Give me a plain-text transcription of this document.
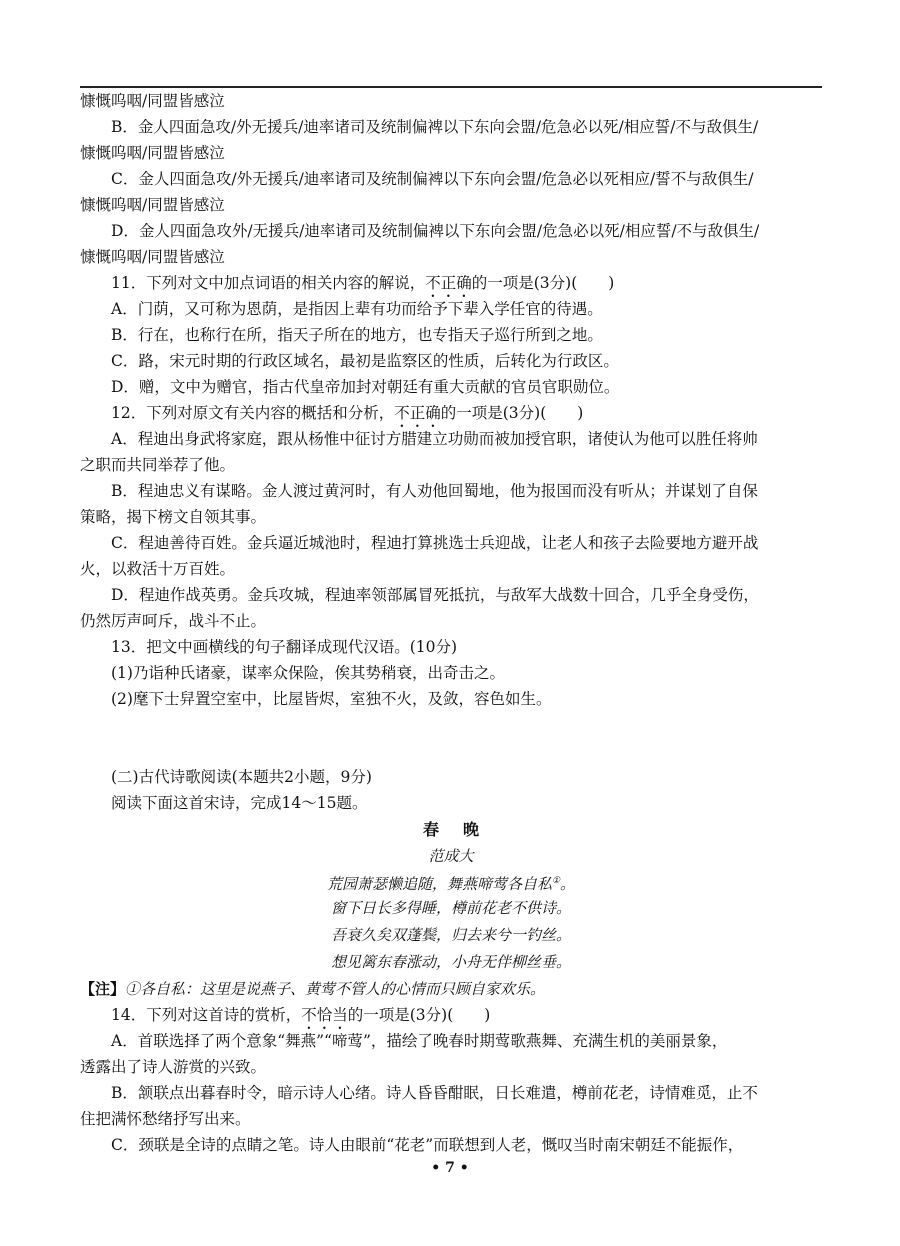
慷慨呜咽/同盟皆感泣
B．金人四面急攻/外无援兵/迪率诸司及统制偏裨以下东向会盟/危急必以死/相应誓/不与敌俱生/
慷慨呜咽/同盟皆感泣
C．金人四面急攻/外无援兵/迪率诸司及统制偏裨以下东向会盟/危急必以死相应/誓不与敌俱生/
慷慨呜咽/同盟皆感泣
D．金人四面急攻外/无援兵/迪率诸司及统制偏裨以下东向会盟/危急必以死/相应誓/不与敌俱生/
慷慨呜咽/同盟皆感泣
11．下列对文中加点词语的相关内容的解说，不正确的一项是(3分)(　　)
A．门荫，又可称为恩荫，是指因上辈有功而给予下辈入学任官的待遇。
B．行在，也称行在所，指天子所在的地方，也专指天子巡行所到之地。
C．路，宋元时期的行政区域名，最初是监察区的性质，后转化为行政区。
D．赠，文中为赠官，指古代皇帝加封对朝廷有重大贡献的官员官职勋位。
12．下列对原文有关内容的概括和分析，不正确的一项是(3分)(　　)
A．程迪出身武将家庭，跟从杨惟中征讨方腊建立功勋而被加授官职，诸使认为他可以胜任将帅
之职而共同举荐了他。
B．程迪忠义有谋略。金人渡过黄河时，有人劝他回蜀地，他为报国而没有听从；并谋划了自保
策略，揭下榜文自领其事。
C．程迪善待百姓。金兵逼近城池时，程迪打算挑选士兵迎战，让老人和孩子去险要地方避开战
火，以救活十万百姓。
D．程迪作战英勇。金兵攻城，程迪率领部属冒死抵抗，与敌军大战数十回合，几乎全身受伤，
仍然厉声呵斥，战斗不止。
13．把文中画横线的句子翻译成现代汉语。(10分)
(1)乃诣种氏诸豪，谋率众保险，俟其势稍衰，出奇击之。
(2)麾下士舁置空室中，比屋皆烬，室独不火，及敛，容色如生。
(二)古代诗歌阅读(本题共2小题，9分)
阅读下面这首宋诗，完成14～15题。
春晚
范成大
荒园萧瑟懒追随，舞燕啼莺各自私①。
窗下日长多得睡，樽前花老不供诗。
吾衰久矣双蓬鬓，归去来兮一钓丝。
想见篱东春涨动，小舟无伴柳丝垂。
【注】①各自私：这里是说燕子、黄莺不管人的心情而只顾自家欢乐。
14．下列对这首诗的赏析，不恰当的一项是(3分)(　　)
A．首联选择了两个意象“舞燕”“啼莺”，描绘了晚春时期莺歌燕舞、充满生机的美丽景象，
透露出了诗人游赏的兴致。
B．颔联点出暮春时令，暗示诗人心绪。诗人昏昏酣眠，日长难遣，樽前花老，诗情难觅，止不
住把满怀愁绪抒写出来。
C．颈联是全诗的点睛之笔。诗人由眼前“花老”而联想到人老，慨叹当时南宋朝廷不能振作，
• 7 •
